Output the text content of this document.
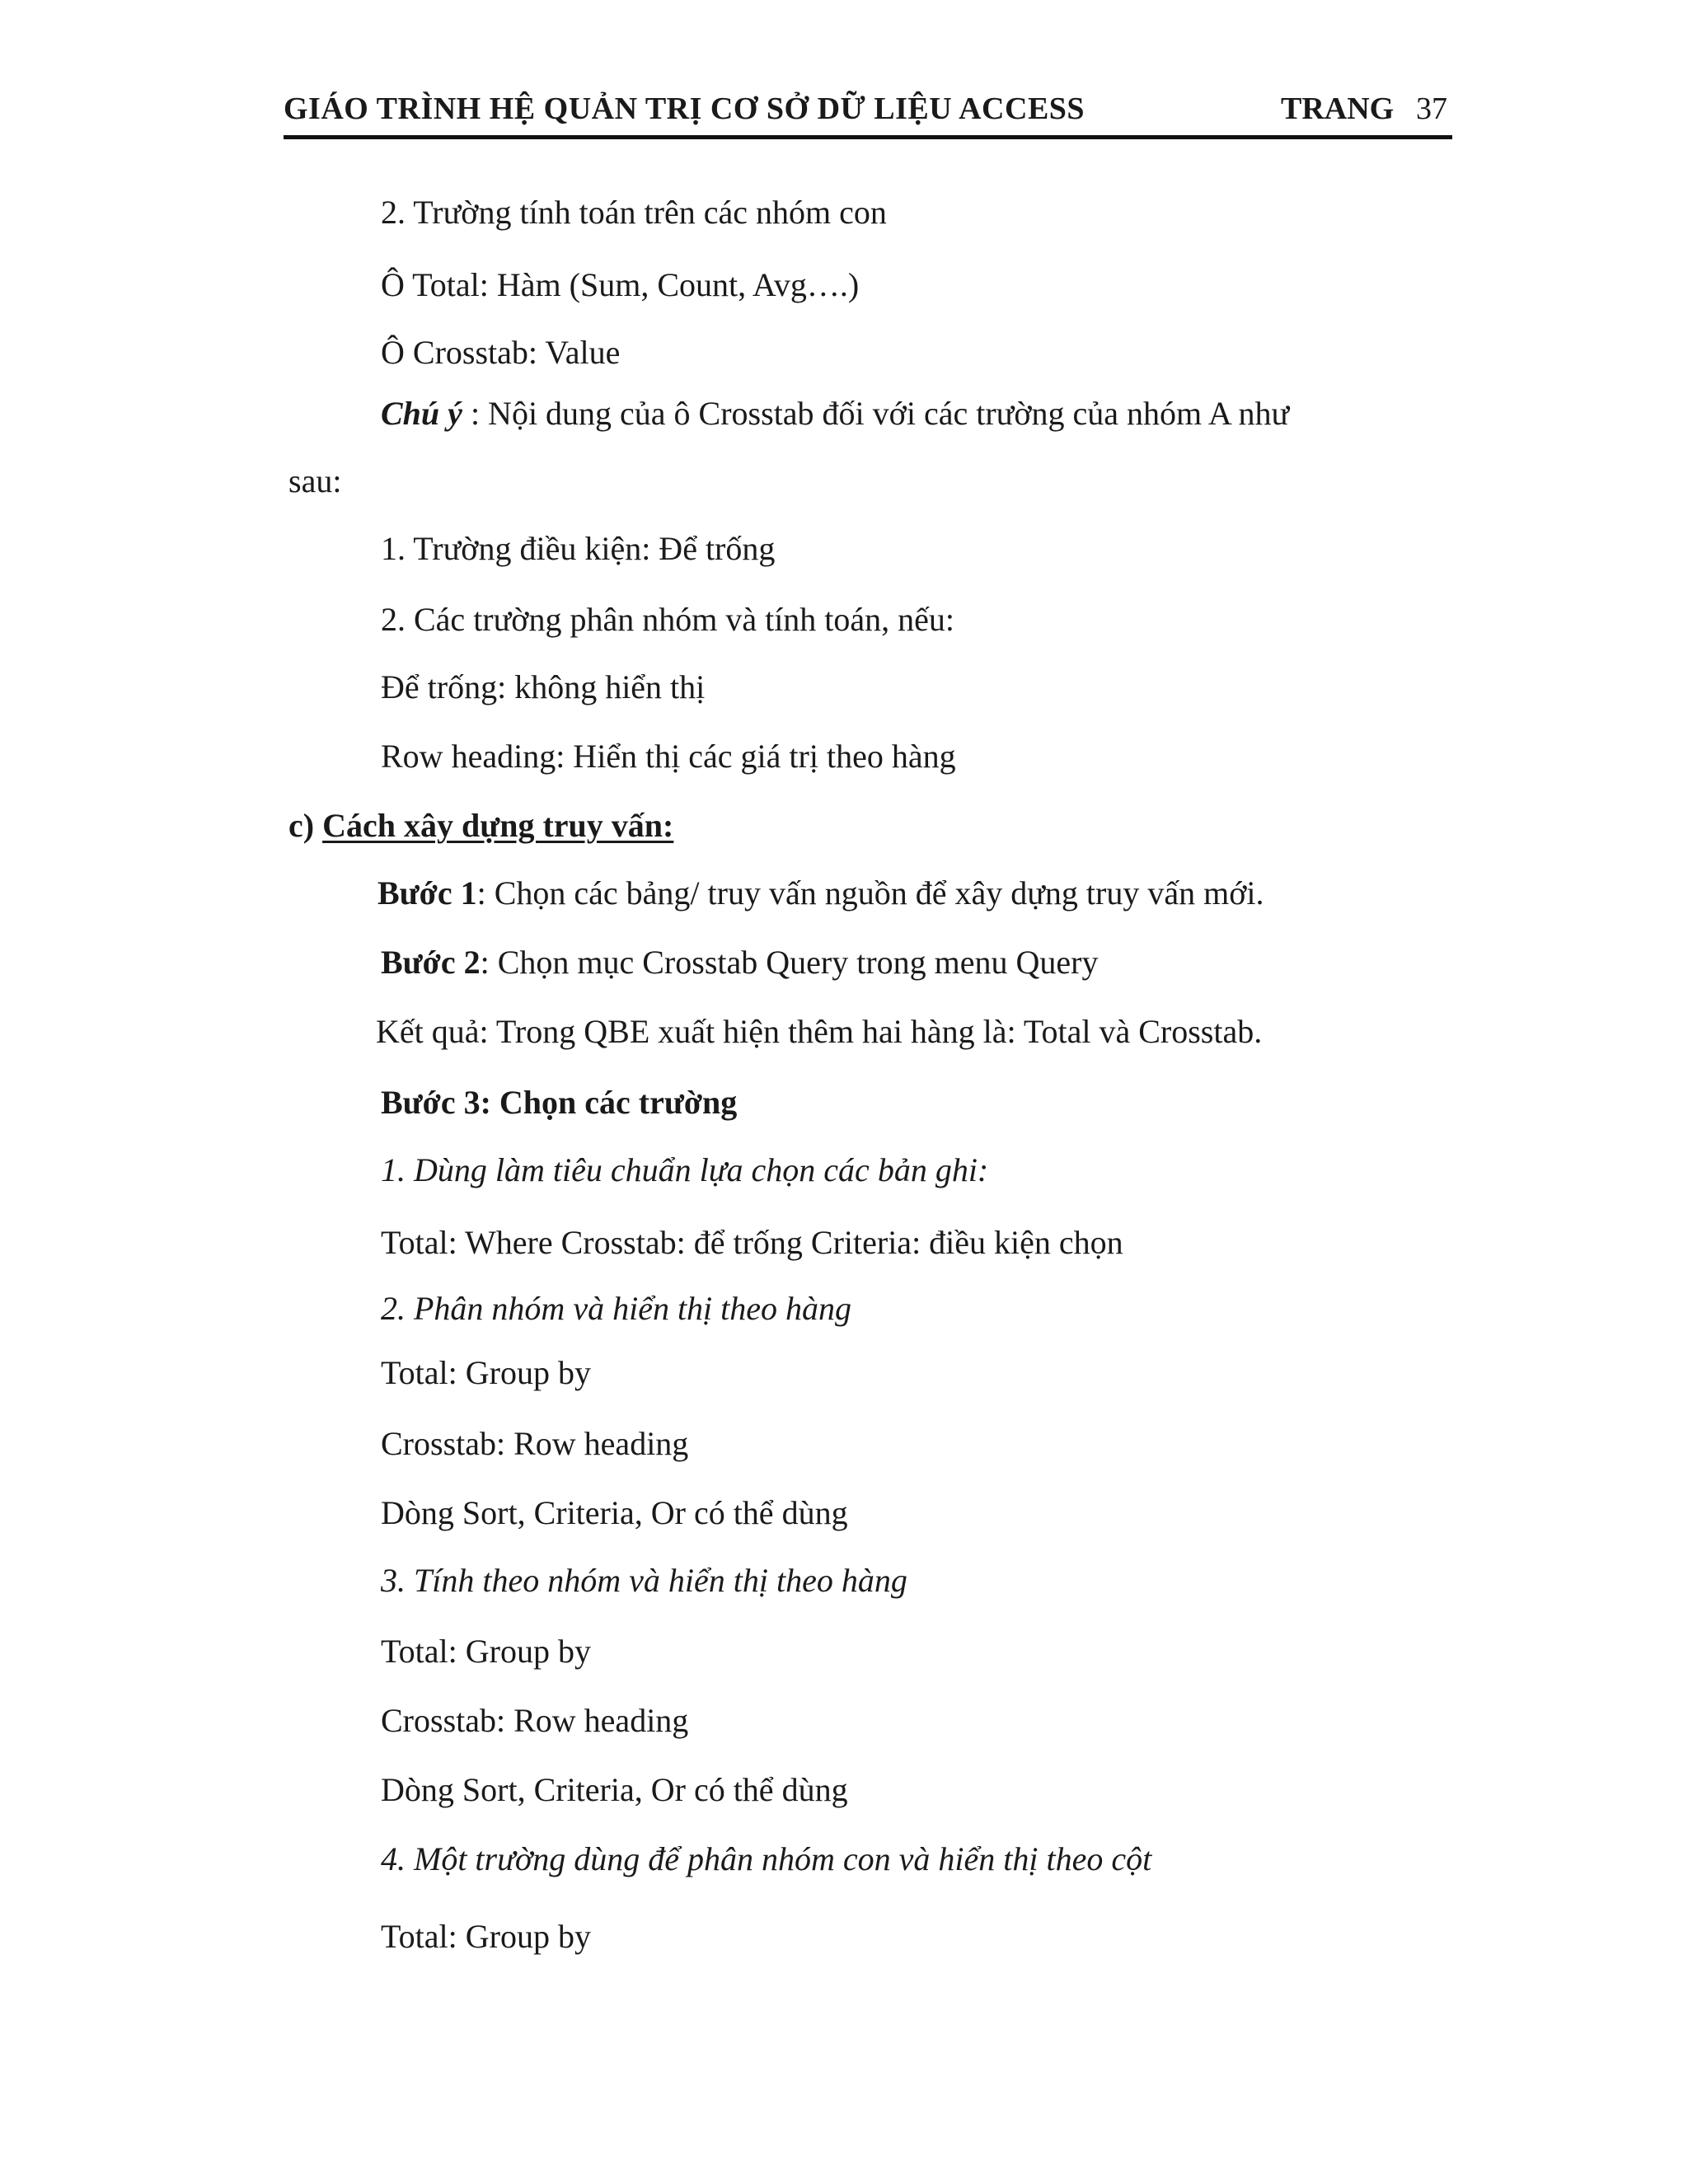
GIÁO TRÌNH HỆ QUẢN TRỊ CƠ SỞ DỮ LIỆU ACCESS	TRANG 37
2. Trường tính toán trên các nhóm con
Ô Total: Hàm (Sum, Count, Avg….)
Ô Crosstab: Value
Chú ý : Nội dung của ô Crosstab đối với các trường của nhóm A như
sau:
1. Trường điều kiện: Để trống
2. Các trường phân nhóm và tính toán, nếu:
Để trống: không hiển thị
Row heading: Hiển thị các giá trị theo hàng
c) Cách xây dựng truy vấn:
Bước 1: Chọn các bảng/ truy vấn nguồn để xây dựng truy vấn mới.
Bước 2: Chọn mục Crosstab Query trong menu Query
Kết quả: Trong QBE xuất hiện thêm hai hàng là: Total và Crosstab.
Bước 3: Chọn các trường
1. Dùng làm tiêu chuẩn lựa chọn các bản ghi:
Total: Where Crosstab: để trống Criteria: điều kiện chọn
2. Phân nhóm và hiển thị theo hàng
Total: Group by
Crosstab: Row heading
Dòng Sort, Criteria, Or có thể dùng
3. Tính theo nhóm và hiển thị theo hàng
Total: Group by
Crosstab: Row heading
Dòng Sort, Criteria, Or có thể dùng
4. Một trường dùng để phân nhóm con và hiển thị theo cột
Total: Group by
